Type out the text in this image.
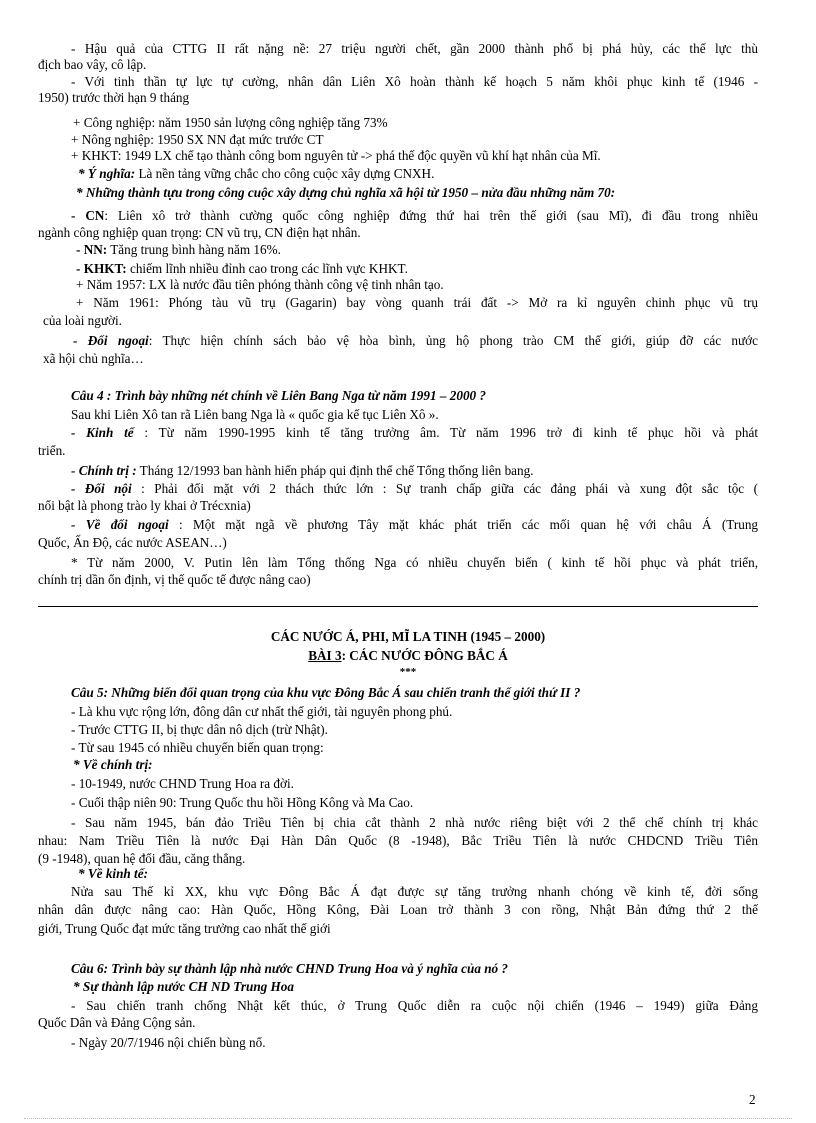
2
- Hậu quả của CTTG II rất nặng nề: 27 triệu người chết, gần 2000 thành phố bị phá hủy, các thế lực thù
địch bao vây, cô lập.
- Với tinh thần tự lực tự cường, nhân dân Liên Xô hoàn thành kế hoạch 5 năm khôi phục kinh tế (1946 -
1950) trước thời hạn 9 tháng
+ Công nghiệp: năm 1950 sản lượng công nghiệp tăng 73%
+ Nông nghiệp: 1950 SX NN đạt mức trước CT
+ KHKT: 1949 LX chế tạo thành công bom nguyên tử -> phá thế độc quyền vũ khí hạt nhân của Mĩ.
* Ý nghĩa: Là nền tảng vững chắc cho công cuộc xây dựng CNXH.
* Những thành tựu trong công cuộc xây dựng chủ nghĩa xã hội từ 1950 – nửa đầu những năm 70:
- CN: Liên xô trở thành cường quốc công nghiệp đứng thứ hai trên thế giới (sau Mĩ), đi đầu trong nhiều
ngành công nghiệp quan trọng: CN vũ trụ, CN điện hạt nhân.
- NN: Tăng trung bình hàng năm 16%.
- KHKT: chiếm lĩnh nhiều đỉnh cao trong các lĩnh vực KHKT.
+ Năm 1957: LX là nước đầu tiên phóng thành công vệ tinh nhân tạo.
+ Năm 1961: Phóng tàu vũ trụ (Gagarin) bay vòng quanh trái đất -> Mở ra kỉ nguyên chinh phục vũ trụ
của loài người.
- Đối ngoại: Thực hiện chính sách bảo vệ hòa bình, ủng hộ phong trào CM thế giới, giúp đỡ các nước
xã hội chủ nghĩa…
Câu 4 : Trình bày những nét chính về Liên Bang Nga từ năm 1991 – 2000 ?
Sau khi Liên Xô tan rã Liên bang Nga là « quốc gia kế tục Liên Xô ».
- Kinh tế : Từ năm 1990-1995 kinh tế tăng trưởng âm. Từ năm 1996 trở đi kinh tế phục hồi và phát
triển.
- Chính trị : Tháng 12/1993 ban hành hiến pháp qui định thể chế Tổng thống liên bang.
- Đối nội : Phải đối mặt với 2 thách thức lớn : Sự tranh chấp giữa các đảng phái và xung đột sắc tộc (
nổi bật là phong trào ly khai ở Trécxnia)
- Về đối ngoại : Một mặt ngã về phương Tây mặt khác phát triển các mối quan hệ với châu Á (Trung
Quốc, Ấn Độ, các nước ASEAN…)
* Từ năm 2000, V. Putin lên làm Tổng thống Nga có nhiều chuyển biến ( kinh tế hồi phục và phát triển,
chính trị dần ổn định, vị thế quốc tế được nâng cao)
CÁC NƯỚC Á, PHI, MĨ LA TINH (1945 – 2000)
BÀI 3: CÁC NƯỚC ĐÔNG BẮC Á
***
Câu 5: Những biến đổi quan trọng của khu vực Đông Bắc Á sau chiến tranh thế giới thứ II ?
- Là khu vực rộng lớn, đông dân cư nhất thế giới, tài nguyên phong phú.
- Trước CTTG II, bị thực dân nô dịch (trừ Nhật).
- Từ sau 1945 có nhiều chuyển biến quan trọng:
* Về chính trị:
- 10-1949, nước CHND Trung Hoa ra đời.
- Cuối thập niên 90: Trung Quốc thu hồi Hồng Kông và Ma Cao.
- Sau năm 1945, bán đảo Triều Tiên bị chia cắt thành 2 nhà nước riêng biệt với 2 thể chế chính trị khác
nhau: Nam Triều Tiên là nước Đại Hàn Dân Quốc (8 -1948), Bắc Triều Tiên là nước CHDCND Triều Tiên
(9 -1948), quan hệ đối đầu, căng thẳng.
* Về kinh tế:
Nửa sau Thế kỉ XX, khu vực Đông Bắc Á đạt được sự tăng trưởng nhanh chóng về kinh tế, đời sống
nhân dân được nâng cao: Hàn Quốc, Hồng Kông, Đài Loan trở thành 3 con rồng, Nhật Bản đứng thứ 2 thế
giới, Trung Quốc đạt mức tăng trưởng cao nhất thế giới
Câu 6: Trình bày sự thành lập nhà nước CHND Trung Hoa và ý nghĩa của nó ?
* Sự thành lập nước CH ND Trung Hoa
- Sau chiến tranh chống Nhật kết thúc, ở Trung Quốc diễn ra cuộc nội chiến (1946 – 1949) giữa Đảng
Quốc Dân và Đảng Cộng sản.
- Ngày 20/7/1946 nội chiến bùng nổ.
